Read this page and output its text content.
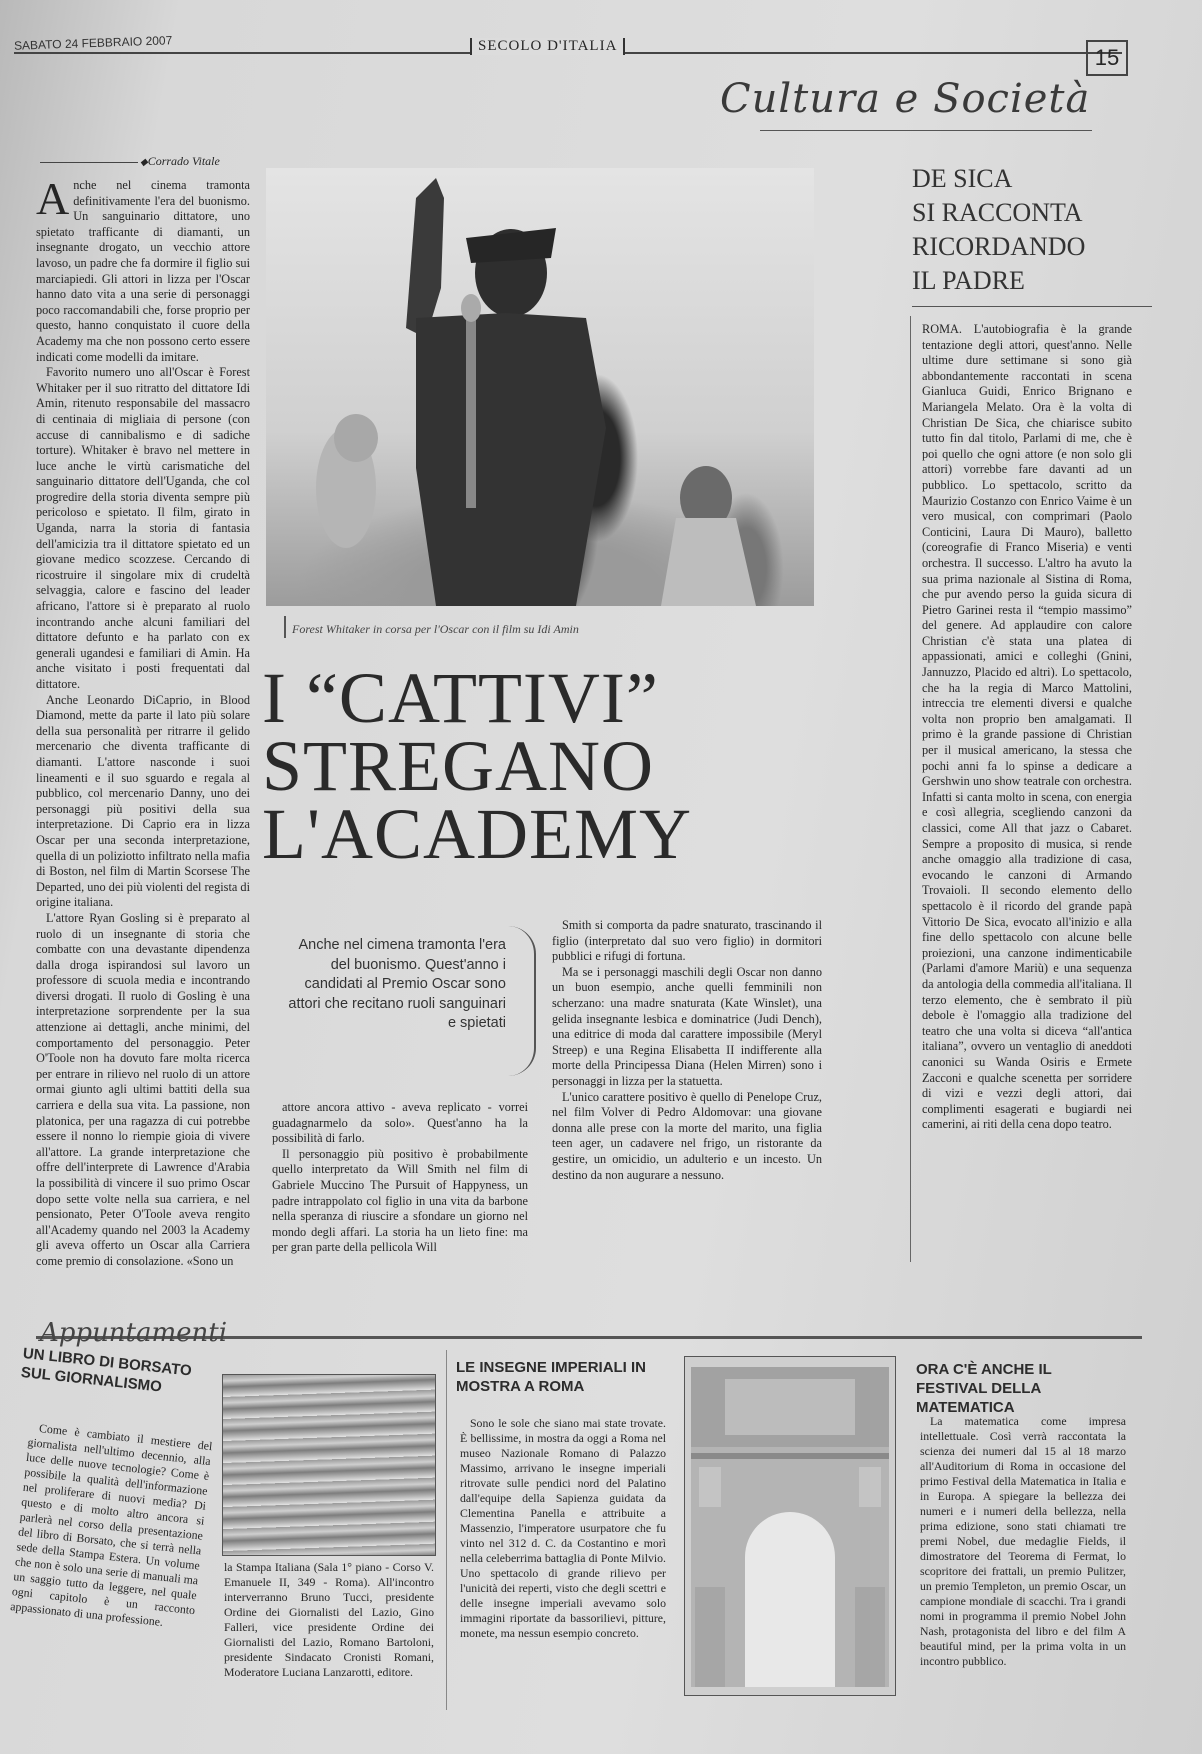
SABATO 24 FEBBRAIO 2007	SECOLO D'ITALIA	15
Cultura e Società
◆ Corrado Vitale

Anche nel cinema tramonta definitivamente l'era del buonismo. Un sanguinario dittatore, uno spietato trafficante di diamanti, un insegnante drogato, un vecchio attore lavoso, un padre che fa dormire il figlio sui marciapiedi. Gli attori in lizza per l'Oscar hanno dato vita a una serie di personaggi poco raccomandabili che, forse proprio per questo, hanno conquistato il cuore della Academy ma che non possono certo essere indicati come modelli da imitare.

Favorito numero uno all'Oscar è Forest Whitaker per il suo ritratto del dittatore Idi Amin, ritenuto responsabile del massacro di centinaia di migliaia di persone (con accuse di cannibalismo e di sadiche torture). Whitaker è bravo nel mettere in luce anche le virtù carismatiche del sanguinario dittatore dell'Uganda, che col progredire della storia diventa sempre più pericoloso e spietato. Il film, girato in Uganda, narra la storia di fantasia dell'amicizia tra il dittatore spietato ed un giovane medico scozzese. Cercando di ricostruire il singolare mix di crudeltà selvaggia, calore e fascino del leader africano, l'attore si è preparato al ruolo incontrando anche alcuni familiari del dittatore defunto e ha parlato con ex generali ugandesi e familiari di Amin. Ha anche visitato i posti frequentati dal dittatore.

Anche Leonardo DiCaprio, in Blood Diamond, mette da parte il lato più solare della sua personalità per ritrarre il gelido mercenario che diventa trafficante di diamanti. L'attore nasconde i suoi lineamenti e il suo sguardo e regala al pubblico, col mercenario Danny, uno dei personaggi più positivi della sua interpretazione. Di Caprio era in lizza Oscar per una seconda interpretazione, quella di un poliziotto infiltrato nella mafia di Boston, nel film di Martin Scorsese The Departed, uno dei più violenti del regista di origine italiana.

L'attore Ryan Gosling si è preparato al ruolo di un insegnante di storia che combatte con una devastante dipendenza dalla droga ispirandosi sul lavoro un professore di scuola media e incontrando diversi drogati. Il ruolo di Gosling è una interpretazione sorprendente per la sua attenzione ai dettagli, anche minimi, del comportamento del personaggio. Peter O'Toole non ha dovuto fare molta ricerca per entrare in rilievo nel ruolo di un attore ormai giunto agli ultimi battiti della sua carriera e della sua vita. La passione, non platonica, per una ragazza di cui potrebbe essere il nonno lo riempie gioia di vivere all'attore. La grande interpretazione che offre dell'interprete di Lawrence d'Arabia la possibilità di vincere il suo primo Oscar dopo sette volte nella sua carriera, e nel pensionato, Peter O'Toole aveva rengito all'Academy quando nel 2003 la Academy gli aveva offerto un Oscar alla Carriera come premio di consolazione. «Sono un

Forest Whitaker in corsa per l'Oscar con il film su Idi Amin
I “CATTIVI”
STREGANO
L'ACADEMY
Anche nel cimena tramonta l'era del buonismo. Quest'anno i candidati al Premio Oscar sono attori che recitano ruoli sanguinari e spietati

attore ancora attivo - aveva replicato - vorrei guadagnarmelo da solo». Quest'anno ha la possibilità di farlo.

Il personaggio più positivo è probabilmente quello interpretato da Will Smith nel film di Gabriele Muccino The Pursuit of Happyness, un padre intrappolato col figlio in una vita da barbone nella speranza di riuscire a sfondare un giorno nel mondo degli affari. La storia ha un lieto fine: ma per gran parte della pellicola Will

Smith si comporta da padre snaturato, trascinando il figlio (interpretato dal suo vero figlio) in dormitori pubblici e rifugi di fortuna.

Ma se i personaggi maschili degli Oscar non danno un buon esempio, anche quelli femminili non scherzano: una madre snaturata (Kate Winslet), una gelida insegnante lesbica e dominatrice (Judi Dench), una editrice di moda dal carattere impossibile (Meryl Streep) e una Regina Elisabetta II indifferente alla morte della Principessa Diana (Helen Mirren) sono i personaggi in lizza per la statuetta.

L'unico carattere positivo è quello di Penelope Cruz, nel film Volver di Pedro Aldomovar: una giovane donna alle prese con la morte del marito, una figlia teen ager, un cadavere nel frigo, un ristorante da gestire, un omicidio, un adulterio e un incesto. Un destino da non augurare a nessuno.

DE SICA
SI RACCONTA
RICORDANDO
IL PADRE

ROMA. L'autobiografia è la grande tentazione degli attori, quest'anno. Nelle ultime dure settimane si sono già abbondantemente raccontati in scena Gianluca Guidi, Enrico Brignano e Mariangela Melato. Ora è la volta di Christian De Sica, che chiarisce subito tutto fin dal titolo, Parlami di me, che è poi quello che ogni attore (e non solo gli attori) vorrebbe fare davanti ad un pubblico. Lo spettacolo, scritto da Maurizio Costanzo con Enrico Vaime è un vero musical, con comprimari (Paolo Conticini, Laura Di Mauro), balletto (coreografie di Franco Miseria) e venti orchestra. Il successo. L'altro ha avuto la sua prima nazionale al Sistina di Roma, che pur avendo perso la guida sicura di Pietro Garinei resta il “tempio massimo” del genere. Ad applaudire con calore Christian c'è stata una platea di appassionati, amici e colleghi (Gnini, Jannuzzo, Placido ed altri). Lo spettacolo, che ha la regia di Marco Mattolini, intreccia tre elementi diversi e qualche volta non proprio ben amalgamati. Il primo è la grande passione di Christian per il musical americano, la stessa che pochi anni fa lo spinse a dedicare a Gershwin uno show teatrale con orchestra. Infatti si canta molto in scena, con energia e così allegria, scegliendo canzoni da classici, come All that jazz o Cabaret. Sempre a proposito di musica, si rende anche omaggio alla tradizione di casa, evocando le canzoni di Armando Trovaioli. Il secondo elemento dello spettacolo è il ricordo del grande papà Vittorio De Sica, evocato all'inizio e alla fine dello spettacolo con alcune belle proiezioni, una canzone indimenticabile (Parlami d'amore Mariù) e una sequenza da antologia della commedia all'italiana. Il terzo elemento, che è sembrato il più debole è l'omaggio alla tradizione del teatro che una volta si diceva “all'antica italiana”, ovvero un ventaglio di aneddoti canonici su Wanda Osiris e Ermete Zacconi e qualche scenetta per sorridere di vizi e vezzi degli attori, dai complimenti esagerati e bugiardi nei camerini, ai riti della cena dopo teatro.

Appuntamenti
UN LIBRO DI BORSATO SUL GIORNALISMO

Come è cambiato il mestiere del giornalista nell'ultimo decennio, alla luce delle nuove tecnologie? Come è possibile la qualità dell'informazione nel proliferare di nuovi media? Di questo e di molto altro ancora si parlerà nel corso della presentazione del libro di Borsato, che si terrà nella sede della Stampa Estera. Un volume che non è solo una serie di manuali ma un saggio tutto da leggere, nel quale ogni capitolo è un racconto appassionato di una professione.

la Stampa Italiana (Sala 1° piano - Corso V. Emanuele II, 349 - Roma). All'incontro interverranno Bruno Tucci, presidente Ordine dei Giornalisti del Lazio, Gino Falleri, vice presidente Ordine dei Giornalisti del Lazio, Romano Bartoloni, presidente Sindacato Cronisti Romani, Moderatore Luciana Lanzarotti, editore.

LE INSEGNE IMPERIALI IN MOSTRA A ROMA

Sono le sole che siano mai state trovate. È bellissime, in mostra da oggi a Roma nel museo Nazionale Romano di Palazzo Massimo, arrivano le insegne imperiali ritrovate sulle pendici nord del Palatino dall'equipe della Sapienza guidata da Clementina Panella e attribuite a Massenzio, l'imperatore usurpatore che fu vinto nel 312 d. C. da Costantino e morì nella celeberrima battaglia di Ponte Milvio. Uno spettacolo di grande rilievo per l'unicità dei reperti, visto che degli scettri e delle insegne imperiali avevamo solo immagini riportate da bassorilievi, pitture, monete, ma nessun esempio concreto.

ORA C'È ANCHE IL FESTIVAL DELLA MATEMATICA

La matematica come impresa intellettuale. Così verrà raccontata la scienza dei numeri dal 15 al 18 marzo all'Auditorium di Roma in occasione del primo Festival della Matematica in Italia e in Europa. A spiegare la bellezza dei numeri e i numeri della bellezza, nella prima edizione, sono stati chiamati tre premi Nobel, due medaglie Fields, il dimostratore del Teorema di Fermat, lo scopritore dei frattali, un premio Pulitzer, un premio Templeton, un premio Oscar, un campione mondiale di scacchi. Tra i grandi nomi in programma il premio Nobel John Nash, protagonista del libro e del film A beautiful mind, per la prima volta in un incontro pubblico.
